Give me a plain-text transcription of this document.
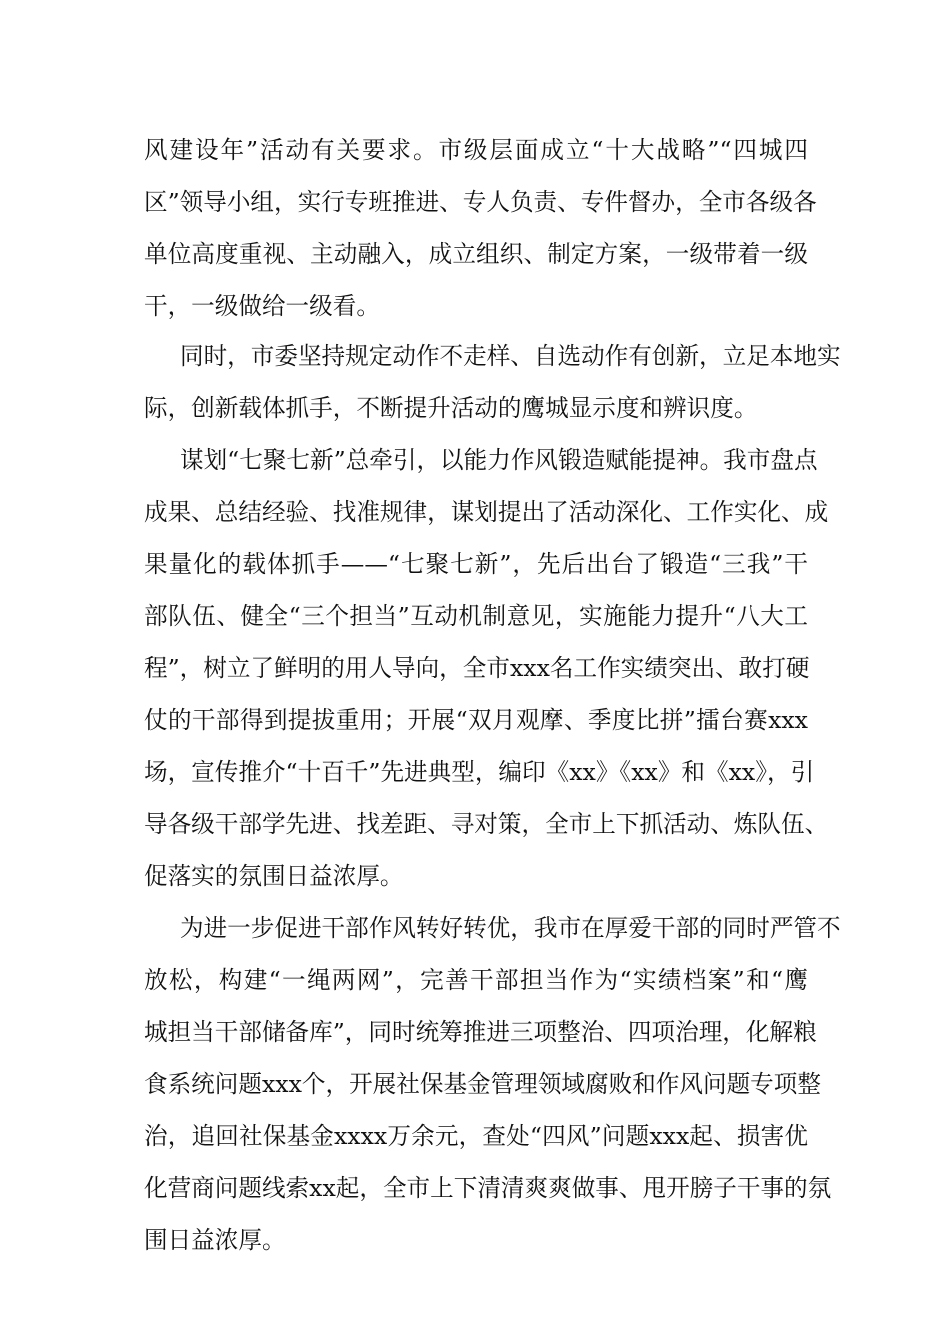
风建设年”活动有关要求。市级层面成立“十大战略”“四城四
区”领导小组，实行专班推进、专人负责、专件督办，全市各级各
单位高度重视、主动融入，成立组织、制定方案，一级带着一级
干，一级做给一级看。
同时，市委坚持规定动作不走样、自选动作有创新，立足本地实
际，创新载体抓手，不断提升活动的鹰城显示度和辨识度。
谋划“七聚七新”总牵引，以能力作风锻造赋能提神。我市盘点
成果、总结经验、找准规律，谋划提出了活动深化、工作实化、成
果量化的载体抓手——“七聚七新”，先后出台了锻造“三我”干
部队伍、健全“三个担当”互动机制意见，实施能力提升“八大工
程”，树立了鲜明的用人导向，全市xxx名工作实绩突出、敢打硬
仗的干部得到提拔重用；开展“双月观摩、季度比拼”擂台赛xxx
场，宣传推介“十百千”先进典型，编印《xx》《xx》和《xx》，引
导各级干部学先进、找差距、寻对策，全市上下抓活动、炼队伍、
促落实的氛围日益浓厚。
为进一步促进干部作风转好转优，我市在厚爱干部的同时严管不
放松，构建“一绳两网”，完善干部担当作为“实绩档案”和“鹰
城担当干部储备库”，同时统筹推进三项整治、四项治理，化解粮
食系统问题xxx个，开展社保基金管理领域腐败和作风问题专项整
治，追回社保基金xxxx万余元，查处“四风”问题xxx起、损害优
化营商问题线索xx起，全市上下清清爽爽做事、甩开膀子干事的氛
围日益浓厚。
